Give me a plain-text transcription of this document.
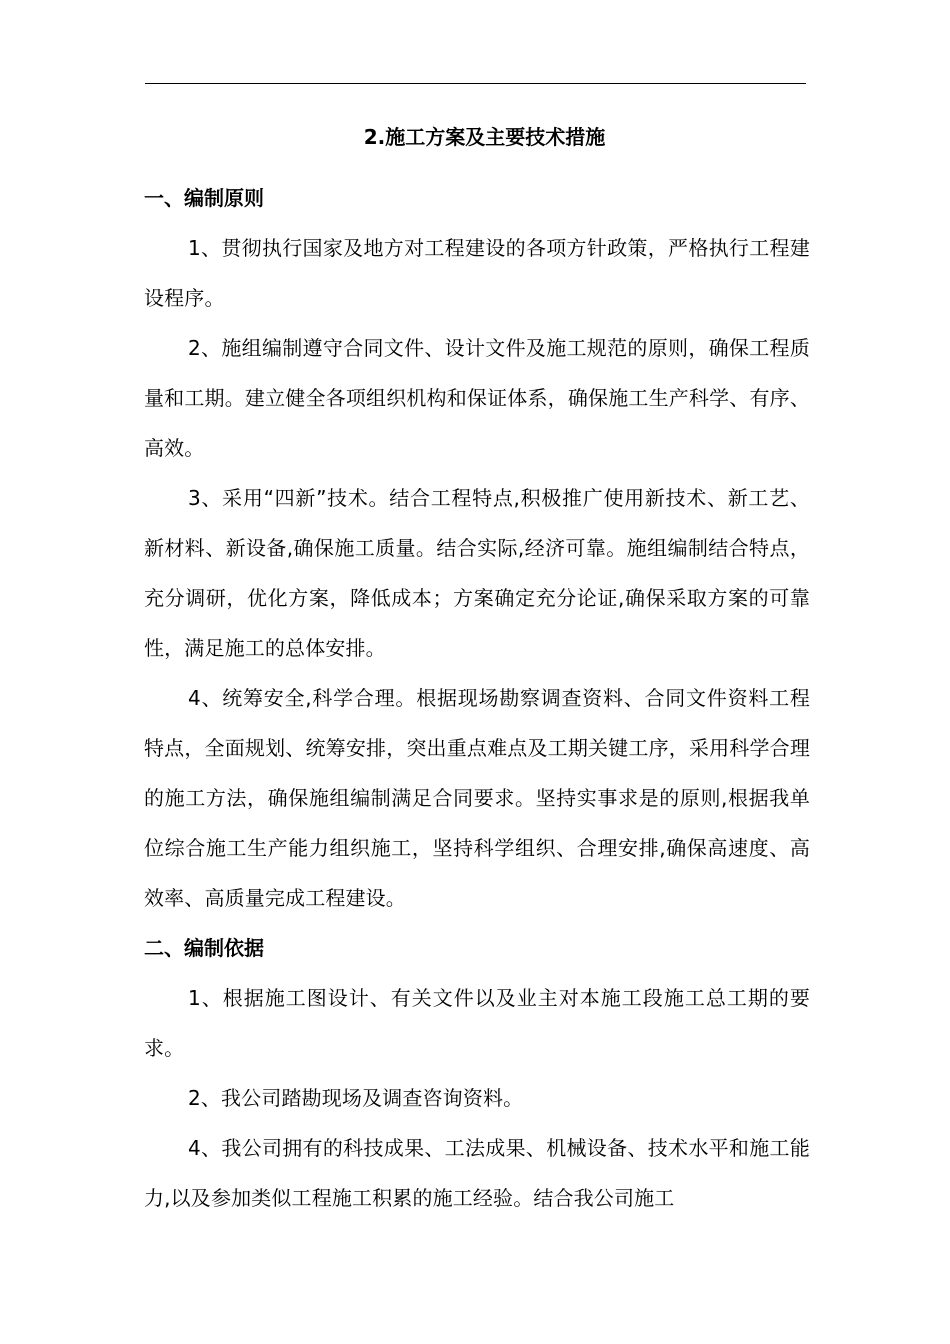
2.施工方案及主要技术措施
一、编制原则

1、贯彻执行国家及地方对工程建设的各项方针政策，严格执行工程建设程序。

2、施组编制遵守合同文件、设计文件及施工规范的原则，确保工程质量和工期。建立健全各项组织机构和保证体系，确保施工生产科学、有序、高效。

3、采用“四新”技术。结合工程特点,积极推广使用新技术、新工艺、新材料、新设备,确保施工质量。结合实际,经济可靠。施组编制结合特点，充分调研，优化方案，降低成本；方案确定充分论证,确保采取方案的可靠性，满足施工的总体安排。

4、统筹安全,科学合理。根据现场勘察调查资料、合同文件资料工程特点，全面规划、统筹安排，突出重点难点及工期关键工序，采用科学合理的施工方法，确保施组编制满足合同要求。坚持实事求是的原则,根据我单位综合施工生产能力组织施工，坚持科学组织、合理安排,确保高速度、高效率、高质量完成工程建设。

二、编制依据

1、根据施工图设计、有关文件以及业主对本施工段施工总工期的要求。

2、我公司踏勘现场及调查咨询资料。

4、我公司拥有的科技成果、工法成果、机械设备、技术水平和施工能力,以及参加类似工程施工积累的施工经验。结合我公司施工
